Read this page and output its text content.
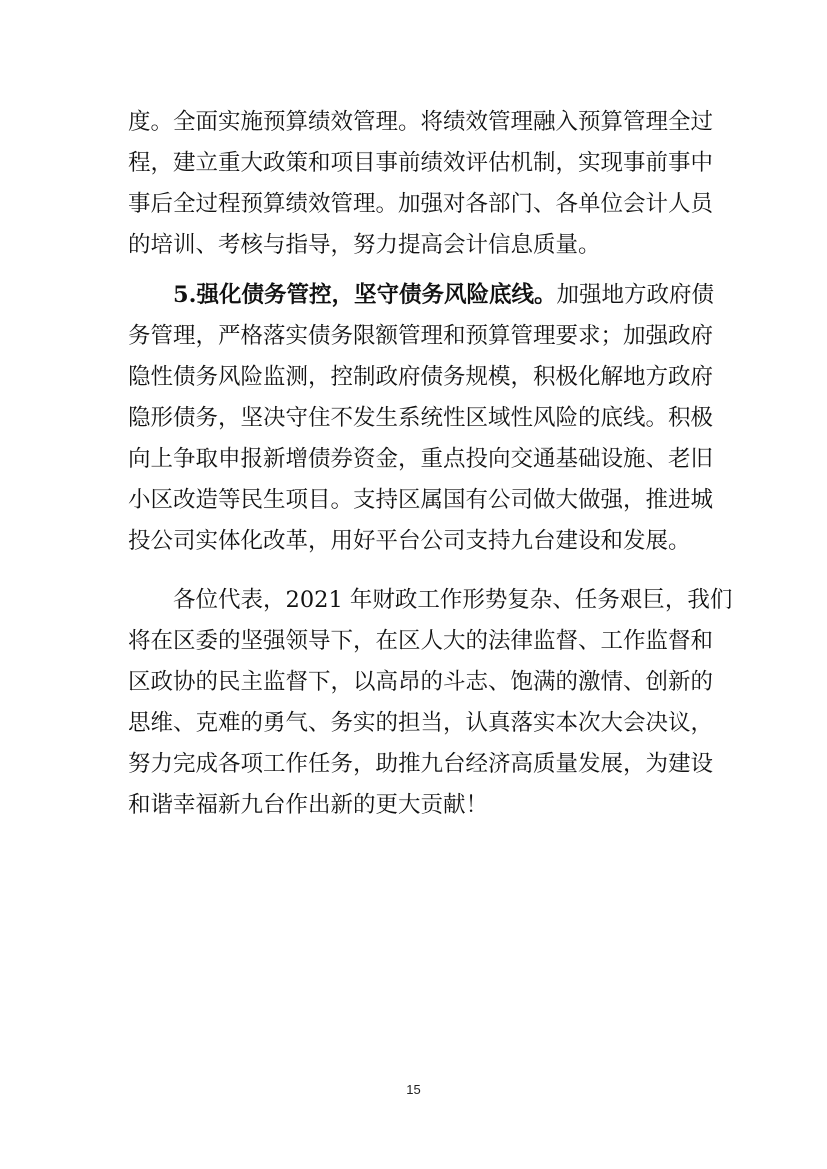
度。全面实施预算绩效管理。将绩效管理融入预算管理全过
程，建立重大政策和项目事前绩效评估机制，实现事前事中
事后全过程预算绩效管理。加强对各部门、各单位会计人员
的培训、考核与指导，努力提高会计信息质量。
5.强化债务管控，坚守债务风险底线。加强地方政府债
务管理，严格落实债务限额管理和预算管理要求；加强政府
隐性债务风险监测，控制政府债务规模，积极化解地方政府
隐形债务，坚决守住不发生系统性区域性风险的底线。积极
向上争取申报新增债券资金，重点投向交通基础设施、老旧
小区改造等民生项目。支持区属国有公司做大做强，推进城
投公司实体化改革，用好平台公司支持九台建设和发展。
各位代表，2021 年财政工作形势复杂、任务艰巨，我们
将在区委的坚强领导下，在区人大的法律监督、工作监督和
区政协的民主监督下，以高昂的斗志、饱满的激情、创新的
思维、克难的勇气、务实的担当，认真落实本次大会决议，
努力完成各项工作任务，助推九台经济高质量发展，为建设
和谐幸福新九台作出新的更大贡献！
15
